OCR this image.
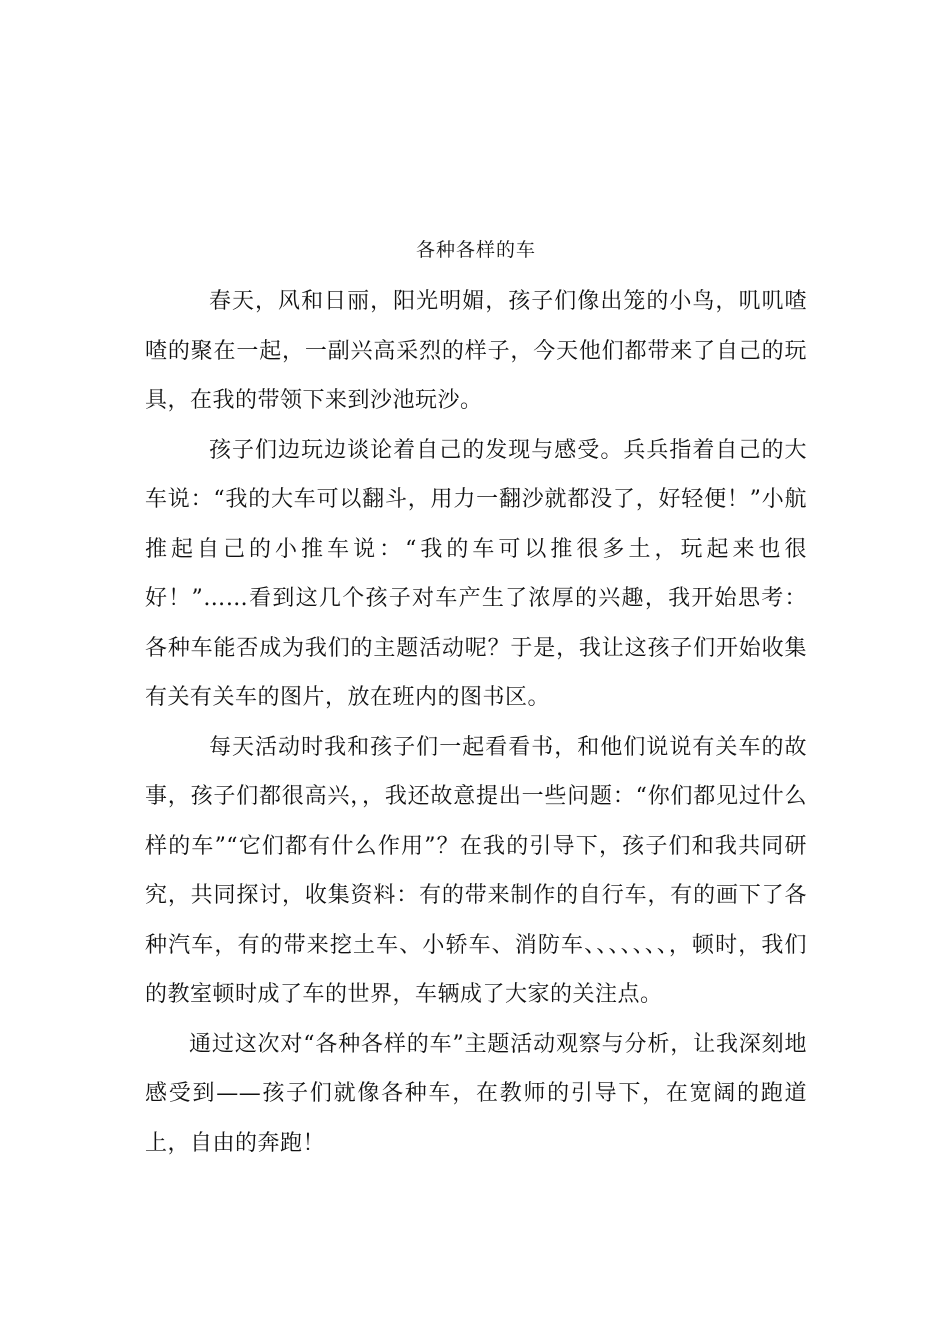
各种各样的车

春天，风和日丽，阳光明媚，孩子们像出笼的小鸟，叽叽喳喳的聚在一起，一副兴高采烈的样子，今天他们都带来了自己的玩具，在我的带领下来到沙池玩沙。

孩子们边玩边谈论着自己的发现与感受。兵兵指着自己的大车说：“我的大车可以翻斗，用力一翻沙就都没了，好轻便！”小航推起自己的小推车说：“我的车可以推很多土，玩起来也很好！”……看到这几个孩子对车产生了浓厚的兴趣，我开始思考：各种车能否成为我们的主题活动呢？于是，我让这孩子们开始收集有关有关车的图片，放在班内的图书区。

每天活动时我和孩子们一起看看书，和他们说说有关车的故事，孩子们都很高兴，，我还故意提出一些问题：“你们都见过什么样的车”“它们都有什么作用”？在我的引导下，孩子们和我共同研究，共同探讨，收集资料：有的带来制作的自行车，有的画下了各种汽车，有的带来挖土车、小轿车、消防车、、、、、、、，顿时，我们的教室顿时成了车的世界，车辆成了大家的关注点。

通过这次对“各种各样的车”主题活动观察与分析，让我深刻地感受到——孩子们就像各种车，在教师的引导下，在宽阔的跑道上，自由的奔跑！
